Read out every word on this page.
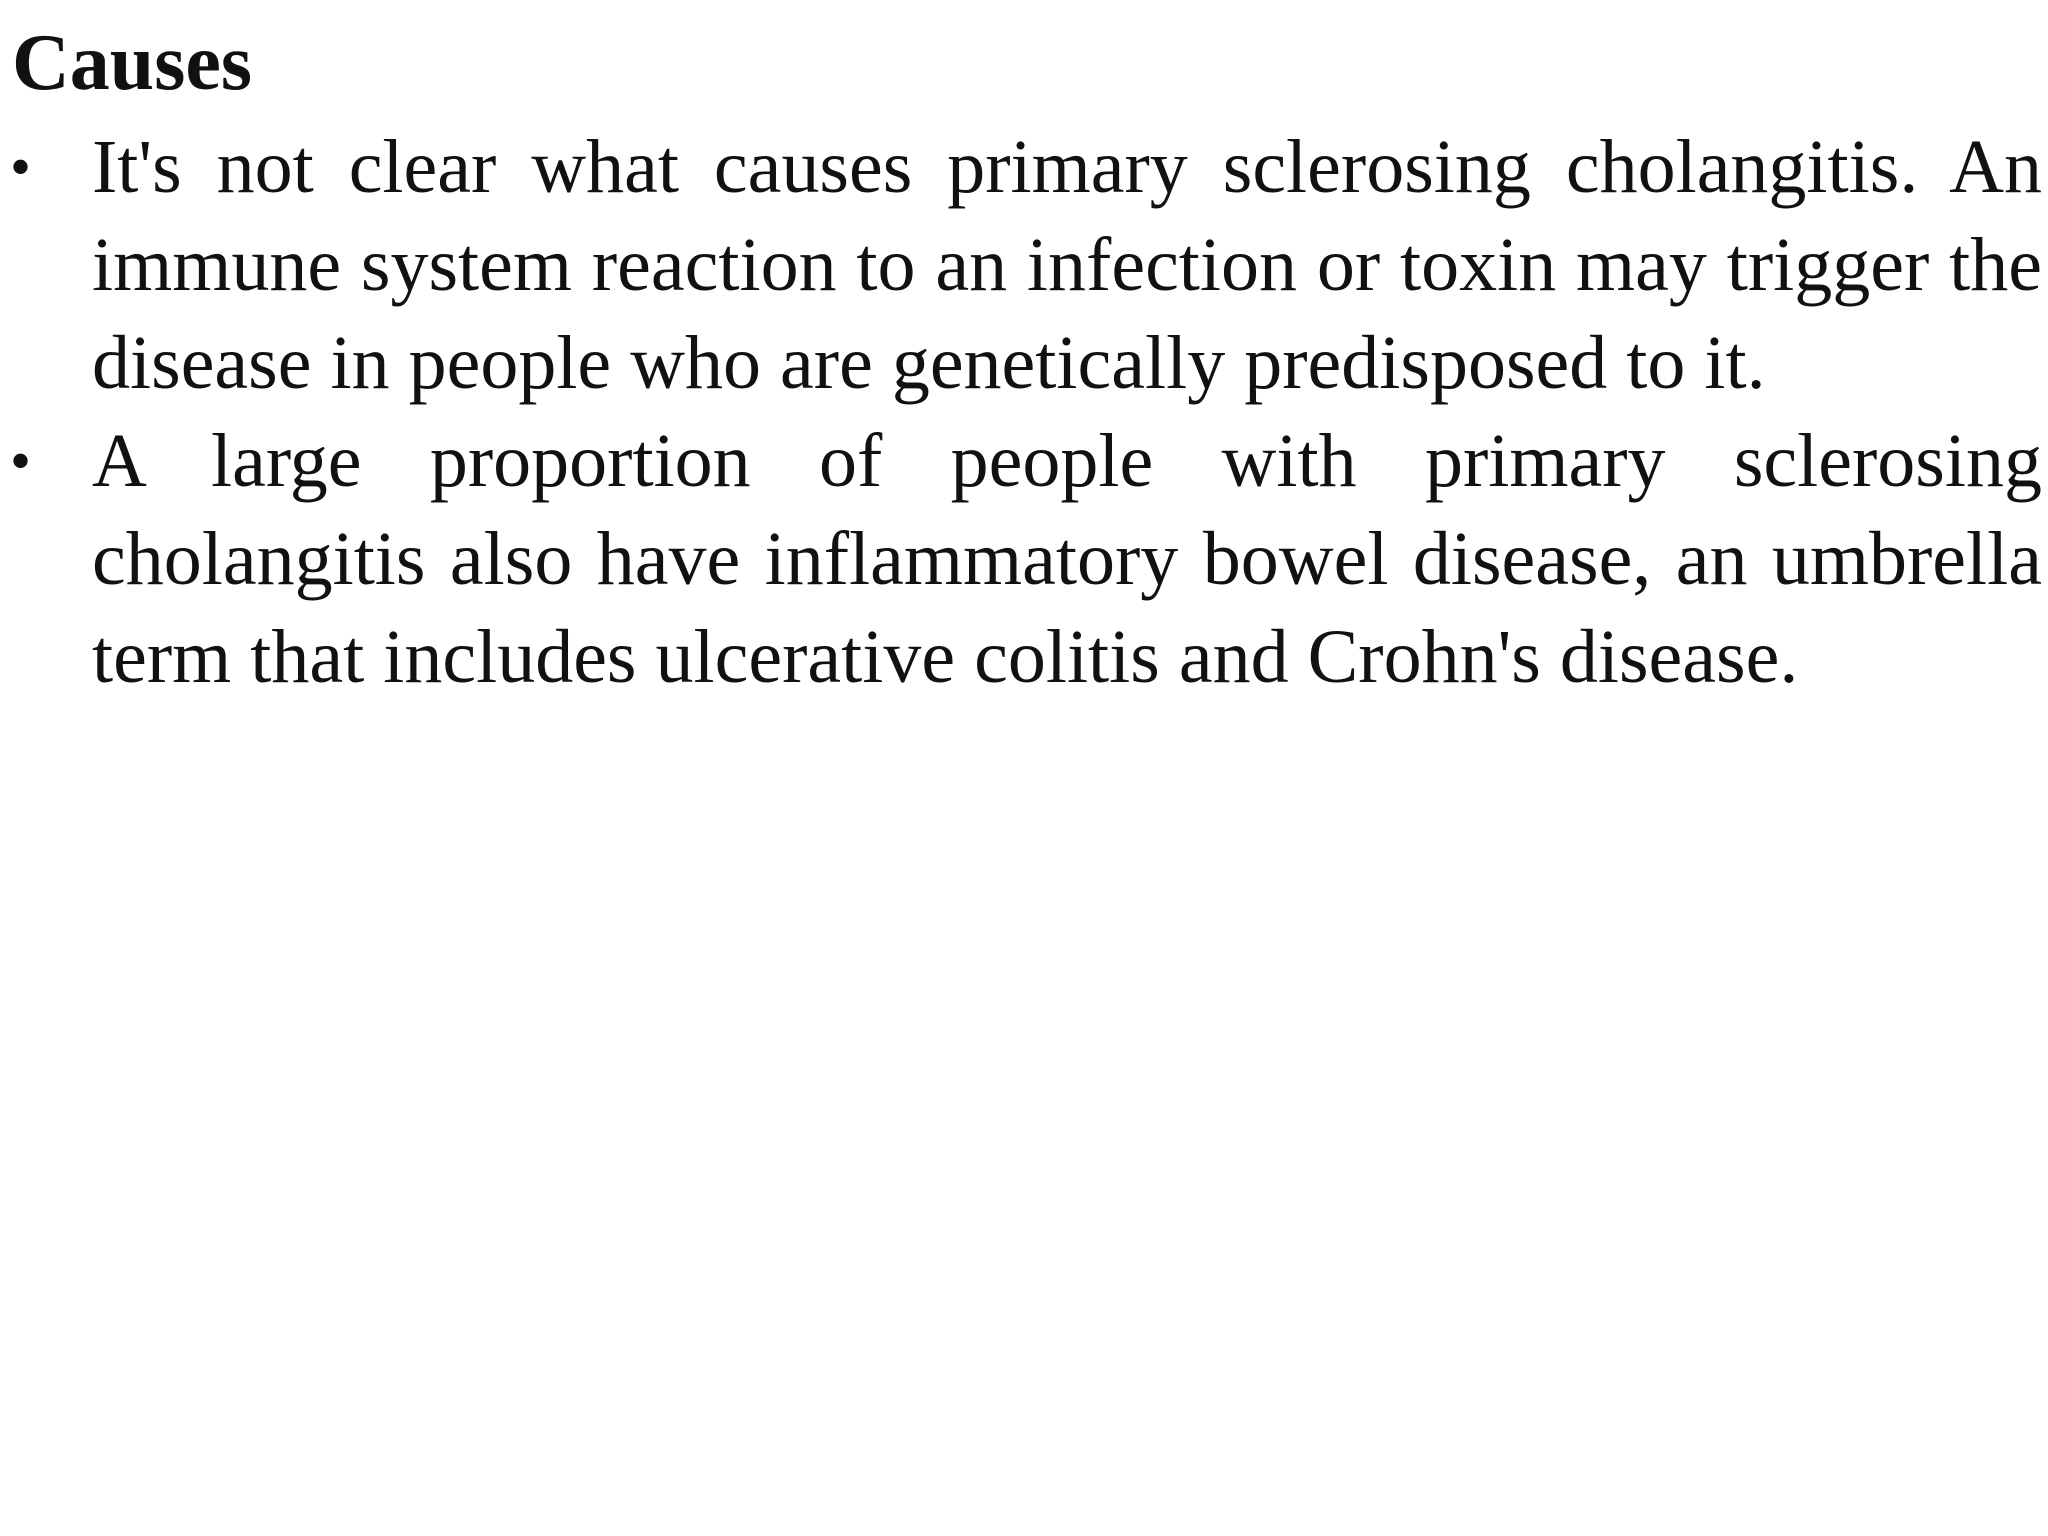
Causes
• It's not clear what causes primary sclerosing cholangitis. An immune system reaction to an infection or toxin may trigger the disease in people who are genetically predisposed to it.
• A large proportion of people with primary sclerosing cholangitis also have inflammatory bowel disease, an umbrella term that includes ulcerative colitis and Crohn's disease.
